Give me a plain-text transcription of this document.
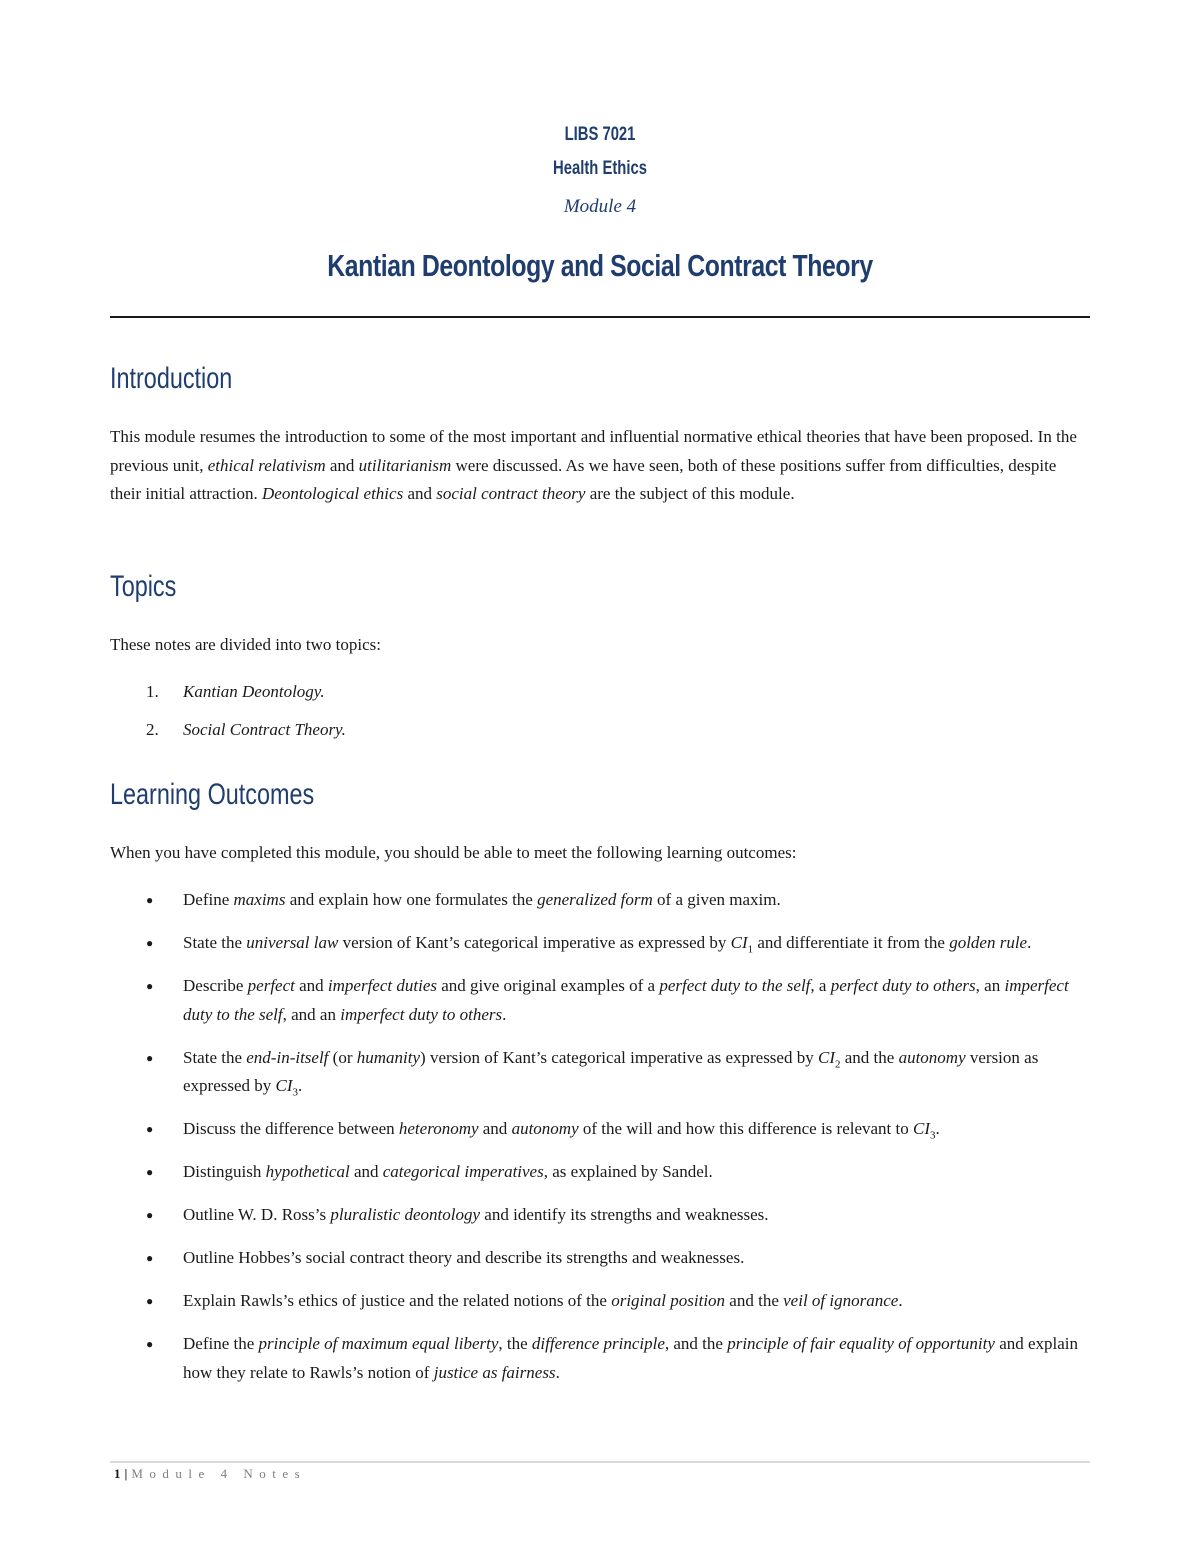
LIBS 7021
Health Ethics
Module 4
Kantian Deontology and Social Contract Theory
Introduction

This module resumes the introduction to some of the most important and influential normative ethical theories that have been proposed. In the previous unit, ethical relativism and utilitarianism were discussed. As we have seen, both of these positions suffer from difficulties, despite their initial attraction. Deontological ethics and social contract theory are the subject of this module.

Topics

These notes are divided into two topics:

1. Kantian Deontology.
2. Social Contract Theory.
Learning Outcomes

When you have completed this module, you should be able to meet the following learning outcomes:

● Define maxims and explain how one formulates the generalized form of a given maxim.
● State the universal law version of Kant’s categorical imperative as expressed by $CI_1$ and differentiate it from the golden rule.
● Describe perfect and imperfect duties and give original examples of a perfect duty to the self, a perfect duty to others, an imperfect duty to the self, and an imperfect duty to others.
● State the end-in-itself (or humanity) version of Kant’s categorical imperative as expressed by $CI_2$ and the autonomy version as expressed by $CI_3$.
● Discuss the difference between heteronomy and autonomy of the will and how this difference is relevant to $CI_3$.
● Distinguish hypothetical and categorical imperatives, as explained by Sandel.
● Outline W. D. Ross’s pluralistic deontology and identify its strengths and weaknesses.
● Outline Hobbes’s social contract theory and describe its strengths and weaknesses.
● Explain Rawls’s ethics of justice and the related notions of the original position and the veil of ignorance.
● Define the principle of maximum equal liberty, the difference principle, and the principle of fair equality of opportunity and explain how they relate to Rawls’s notion of justice as fairness.
1 | Module 4 Notes
